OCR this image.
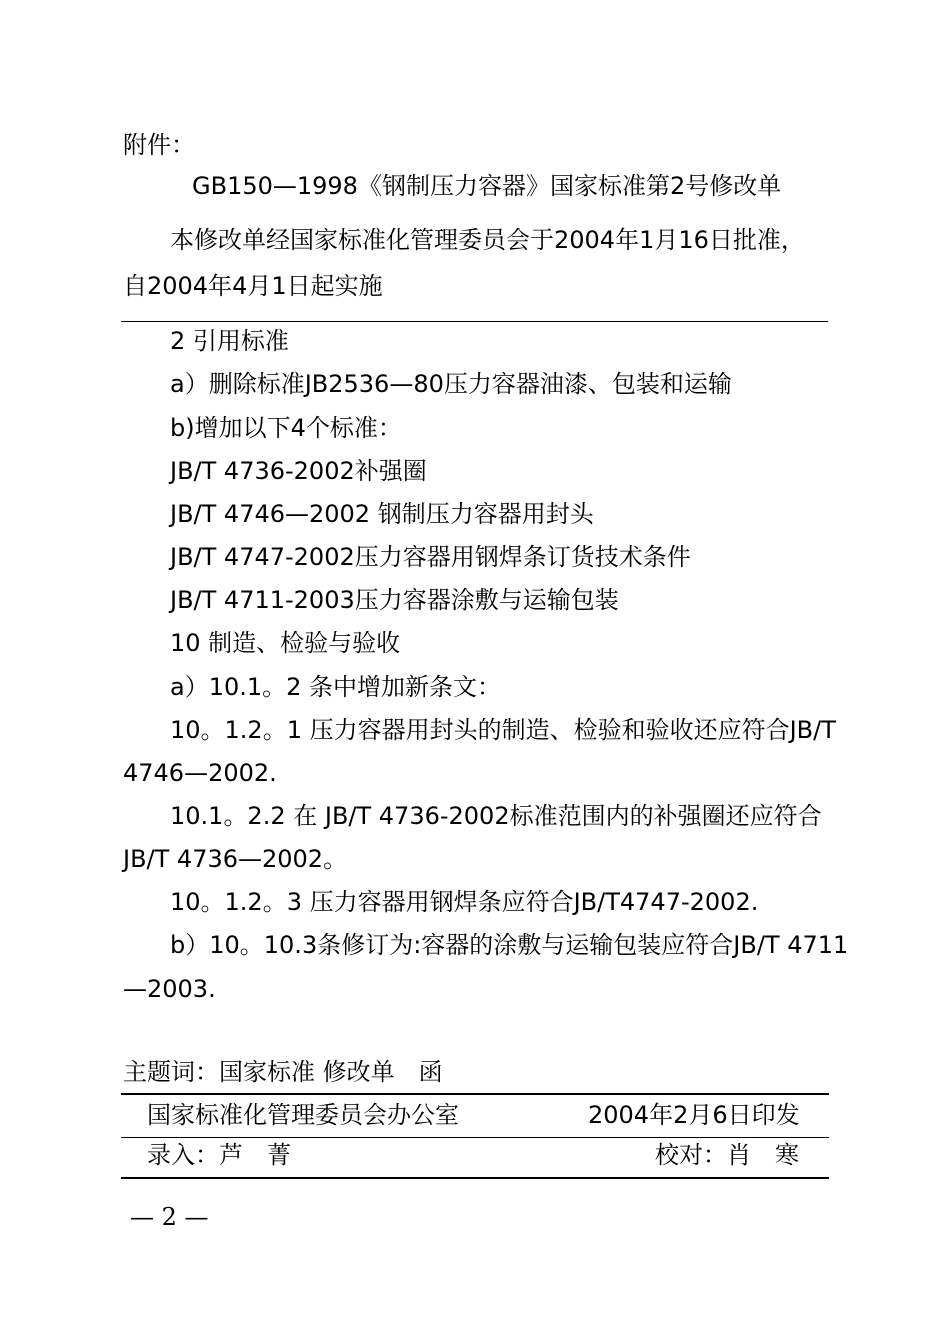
附件：
GB150—1998《钢制压力容器》国家标准第2号修改单
本修改单经国家标准化管理委员会于2004年1月16日批准，
自2004年4月1日起实施
2 引用标准
a）删除标准JB2536—80压力容器油漆、包装和运输
b)增加以下4个标准：
JB/T 4736-2002补强圈
JB/T 4746—2002 钢制压力容器用封头
JB/T 4747-2002压力容器用钢焊条订货技术条件
JB/T 4711-2003压力容器涂敷与运输包装
10 制造、检验与验收
a）10.1。2 条中增加新条文：
10。1.2。1 压力容器用封头的制造、检验和验收还应符合JB/T
4746—2002.
10.1。2.2 在 JB/T 4736-2002标准范围内的补强圈还应符合
JB/T 4736—2002。
10。1.2。3 压力容器用钢焊条应符合JB/T4747-2002.
b）10。10.3条修订为:容器的涂敷与运输包装应符合JB/T 4711
—2003.
主题词：国家标准 修改单　函
国家标准化管理委员会办公室	2004年2月6日印发
录入：芦　菁	校对：肖　寒
— 2 —
